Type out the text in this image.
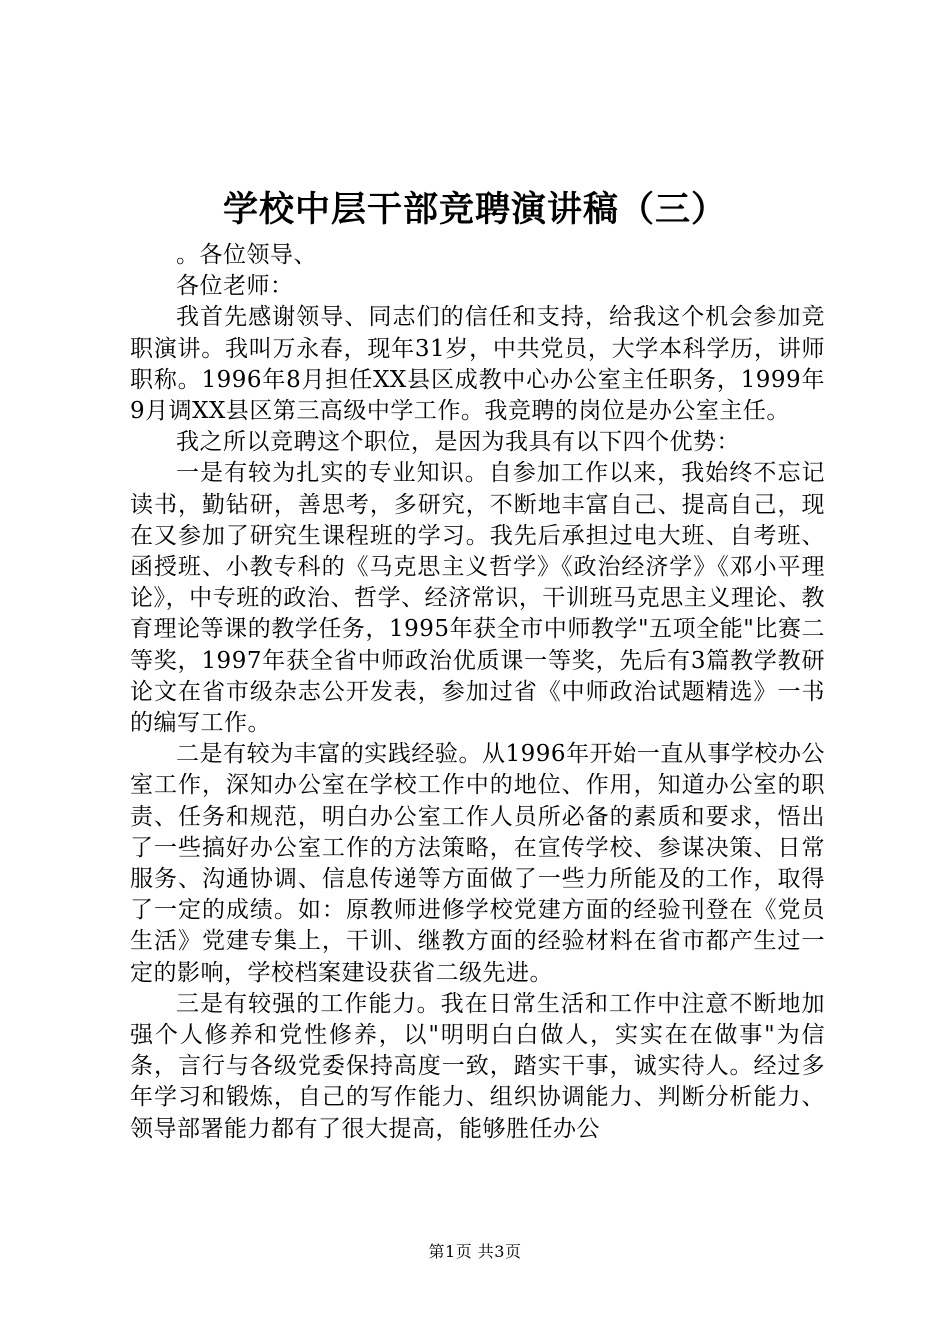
学校中层干部竞聘演讲稿（三）

。各位领导、

各位老师：

我首先感谢领导、同志们的信任和支持，给我这个机会参加竞职演讲。我叫万永春，现年31岁，中共党员，大学本科学历，讲师职称。1996年8月担任XX县区成教中心办公室主任职务，1999年9月调XX县区第三高级中学工作。我竞聘的岗位是办公室主任。

我之所以竞聘这个职位，是因为我具有以下四个优势：

一是有较为扎实的专业知识。自参加工作以来，我始终不忘记读书，勤钻研，善思考，多研究，不断地丰富自己、提高自己，现在又参加了研究生课程班的学习。我先后承担过电大班、自考班、函授班、小教专科的《马克思主义哲学》《政治经济学》《邓小平理论》，中专班的政治、哲学、经济常识，干训班马克思主义理论、教育理论等课的教学任务，1995年获全市中师教学"五项全能"比赛二等奖，1997年获全省中师政治优质课一等奖，先后有3篇教学教研论文在省市级杂志公开发表，参加过省《中师政治试题精选》一书的编写工作。

二是有较为丰富的实践经验。从1996年开始一直从事学校办公室工作，深知办公室在学校工作中的地位、作用，知道办公室的职责、任务和规范，明白办公室工作人员所必备的素质和要求，悟出了一些搞好办公室工作的方法策略，在宣传学校、参谋决策、日常服务、沟通协调、信息传递等方面做了一些力所能及的工作，取得了一定的成绩。如：原教师进修学校党建方面的经验刊登在《党员生活》党建专集上，干训、继教方面的经验材料在省市都产生过一定的影响，学校档案建设获省二级先进。

三是有较强的工作能力。我在日常生活和工作中注意不断地加强个人修养和党性修养，以"明明白白做人，实实在在做事"为信条，言行与各级党委保持高度一致，踏实干事，诚实待人。经过多年学习和锻炼，自己的写作能力、组织协调能力、判断分析能力、领导部署能力都有了很大提高，能够胜任办公

第1页 共3页
